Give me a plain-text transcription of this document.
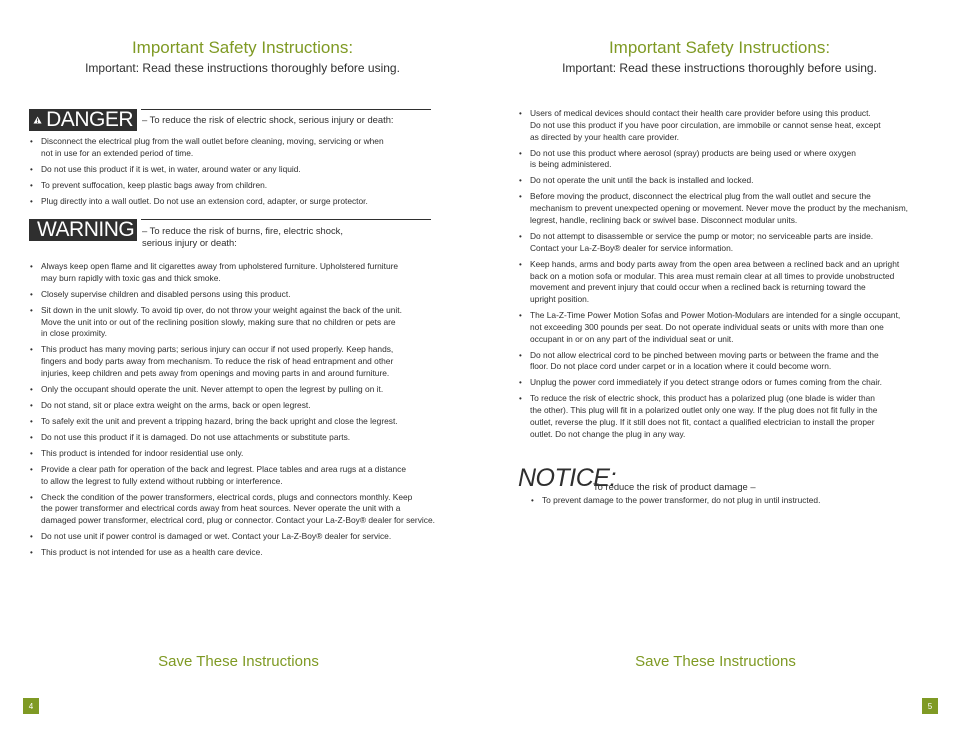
Important Safety Instructions:
Important: Read these instructions thoroughly before using.
DANGER – To reduce the risk of electric shock, serious injury or death:
• Disconnect the electrical plug from the wall outlet before cleaning, moving, servicing or when
not in use for an extended period of time.
• Do not use this product if it is wet, in water, around water or any liquid.
• To prevent suffocation, keep plastic bags away from children.
• Plug directly into a wall outlet. Do not use an extension cord, adapter, or surge protector.
WARNING – To reduce the risk of burns, fire, electric shock,
serious injury or death:
• Always keep open flame and lit cigarettes away from upholstered furniture. Upholstered furniture
may burn rapidly with toxic gas and thick smoke.
• Closely supervise children and disabled persons using this product.
• Sit down in the unit slowly. To avoid tip over, do not throw your weight against the back of the unit.
Move the unit into or out of the reclining position slowly, making sure that no children or pets are
in close proximity.
• This product has many moving parts; serious injury can occur if not used properly. Keep hands,
fingers and body parts away from mechanism. To reduce the risk of head entrapment and other
injuries, keep children and pets away from openings and moving parts in and around furniture.
• Only the occupant should operate the unit. Never attempt to open the legrest by pulling on it.
• Do not stand, sit or place extra weight on the arms, back or open legrest.
• To safely exit the unit and prevent a tripping hazard, bring the back upright and close the legrest.
• Do not use this product if it is damaged. Do not use attachments or substitute parts.
• This product is intended for indoor residential use only.
• Provide a clear path for operation of the back and legrest. Place tables and area rugs at a distance
to allow the legrest to fully extend without rubbing or interference.
• Check the condition of the power transformers, electrical cords, plugs and connectors monthly. Keep
the power transformer and electrical cords away from heat sources. Never operate the unit with a
damaged power transformer, electrical cord, plug or connector. Contact your La-Z-Boy® dealer for service.
• Do not use unit if power control is damaged or wet. Contact your La-Z-Boy® dealer for service.
• This product is not intended for use as a health care device.
Save These Instructions
4
Important Safety Instructions:
Important: Read these instructions thoroughly before using.
• Users of medical devices should contact their health care provider before using this product.
Do not use this product if you have poor circulation, are immobile or cannot sense heat, except
as directed by your health care provider.
• Do not use this product where aerosol (spray) products are being used or where oxygen
is being administered.
• Do not operate the unit until the back is installed and locked.
• Before moving the product, disconnect the electrical plug from the wall outlet and secure the
mechanism to prevent unexpected opening or movement. Never move the product by the mechanism,
legrest, handle, reclining back or swivel base. Disconnect modular units.
• Do not attempt to disassemble or service the pump or motor; no serviceable parts are inside.
Contact your La-Z-Boy® dealer for service information.
• Keep hands, arms and body parts away from the open area between a reclined back and an upright
back on a motion sofa or modular. This area must remain clear at all times to provide unobstructed
movement and prevent injury that could occur when a reclined back is returning toward the
upright position.
• The La-Z-Time Power Motion Sofas and Power Motion-Modulars are intended for a single occupant,
not exceeding 300 pounds per seat. Do not operate individual seats or units with more than one
occupant in or on any part of the individual seat or unit.
• Do not allow electrical cord to be pinched between moving parts or between the frame and the
floor. Do not place cord under carpet or in a location where it could become worn.
• Unplug the power cord immediately if you detect strange odors or fumes coming from the chair.
• To reduce the risk of electric shock, this product has a polarized plug (one blade is wider than
the other). This plug will fit in a polarized outlet only one way. If the plug does not fit fully in the
outlet, reverse the plug. If it still does not fit, contact a qualified electrician to install the proper
outlet. Do not change the plug in any way.
NOTICE:
To reduce the risk of product damage –
• To prevent damage to the power transformer, do not plug in until instructed.
Save These Instructions
5
